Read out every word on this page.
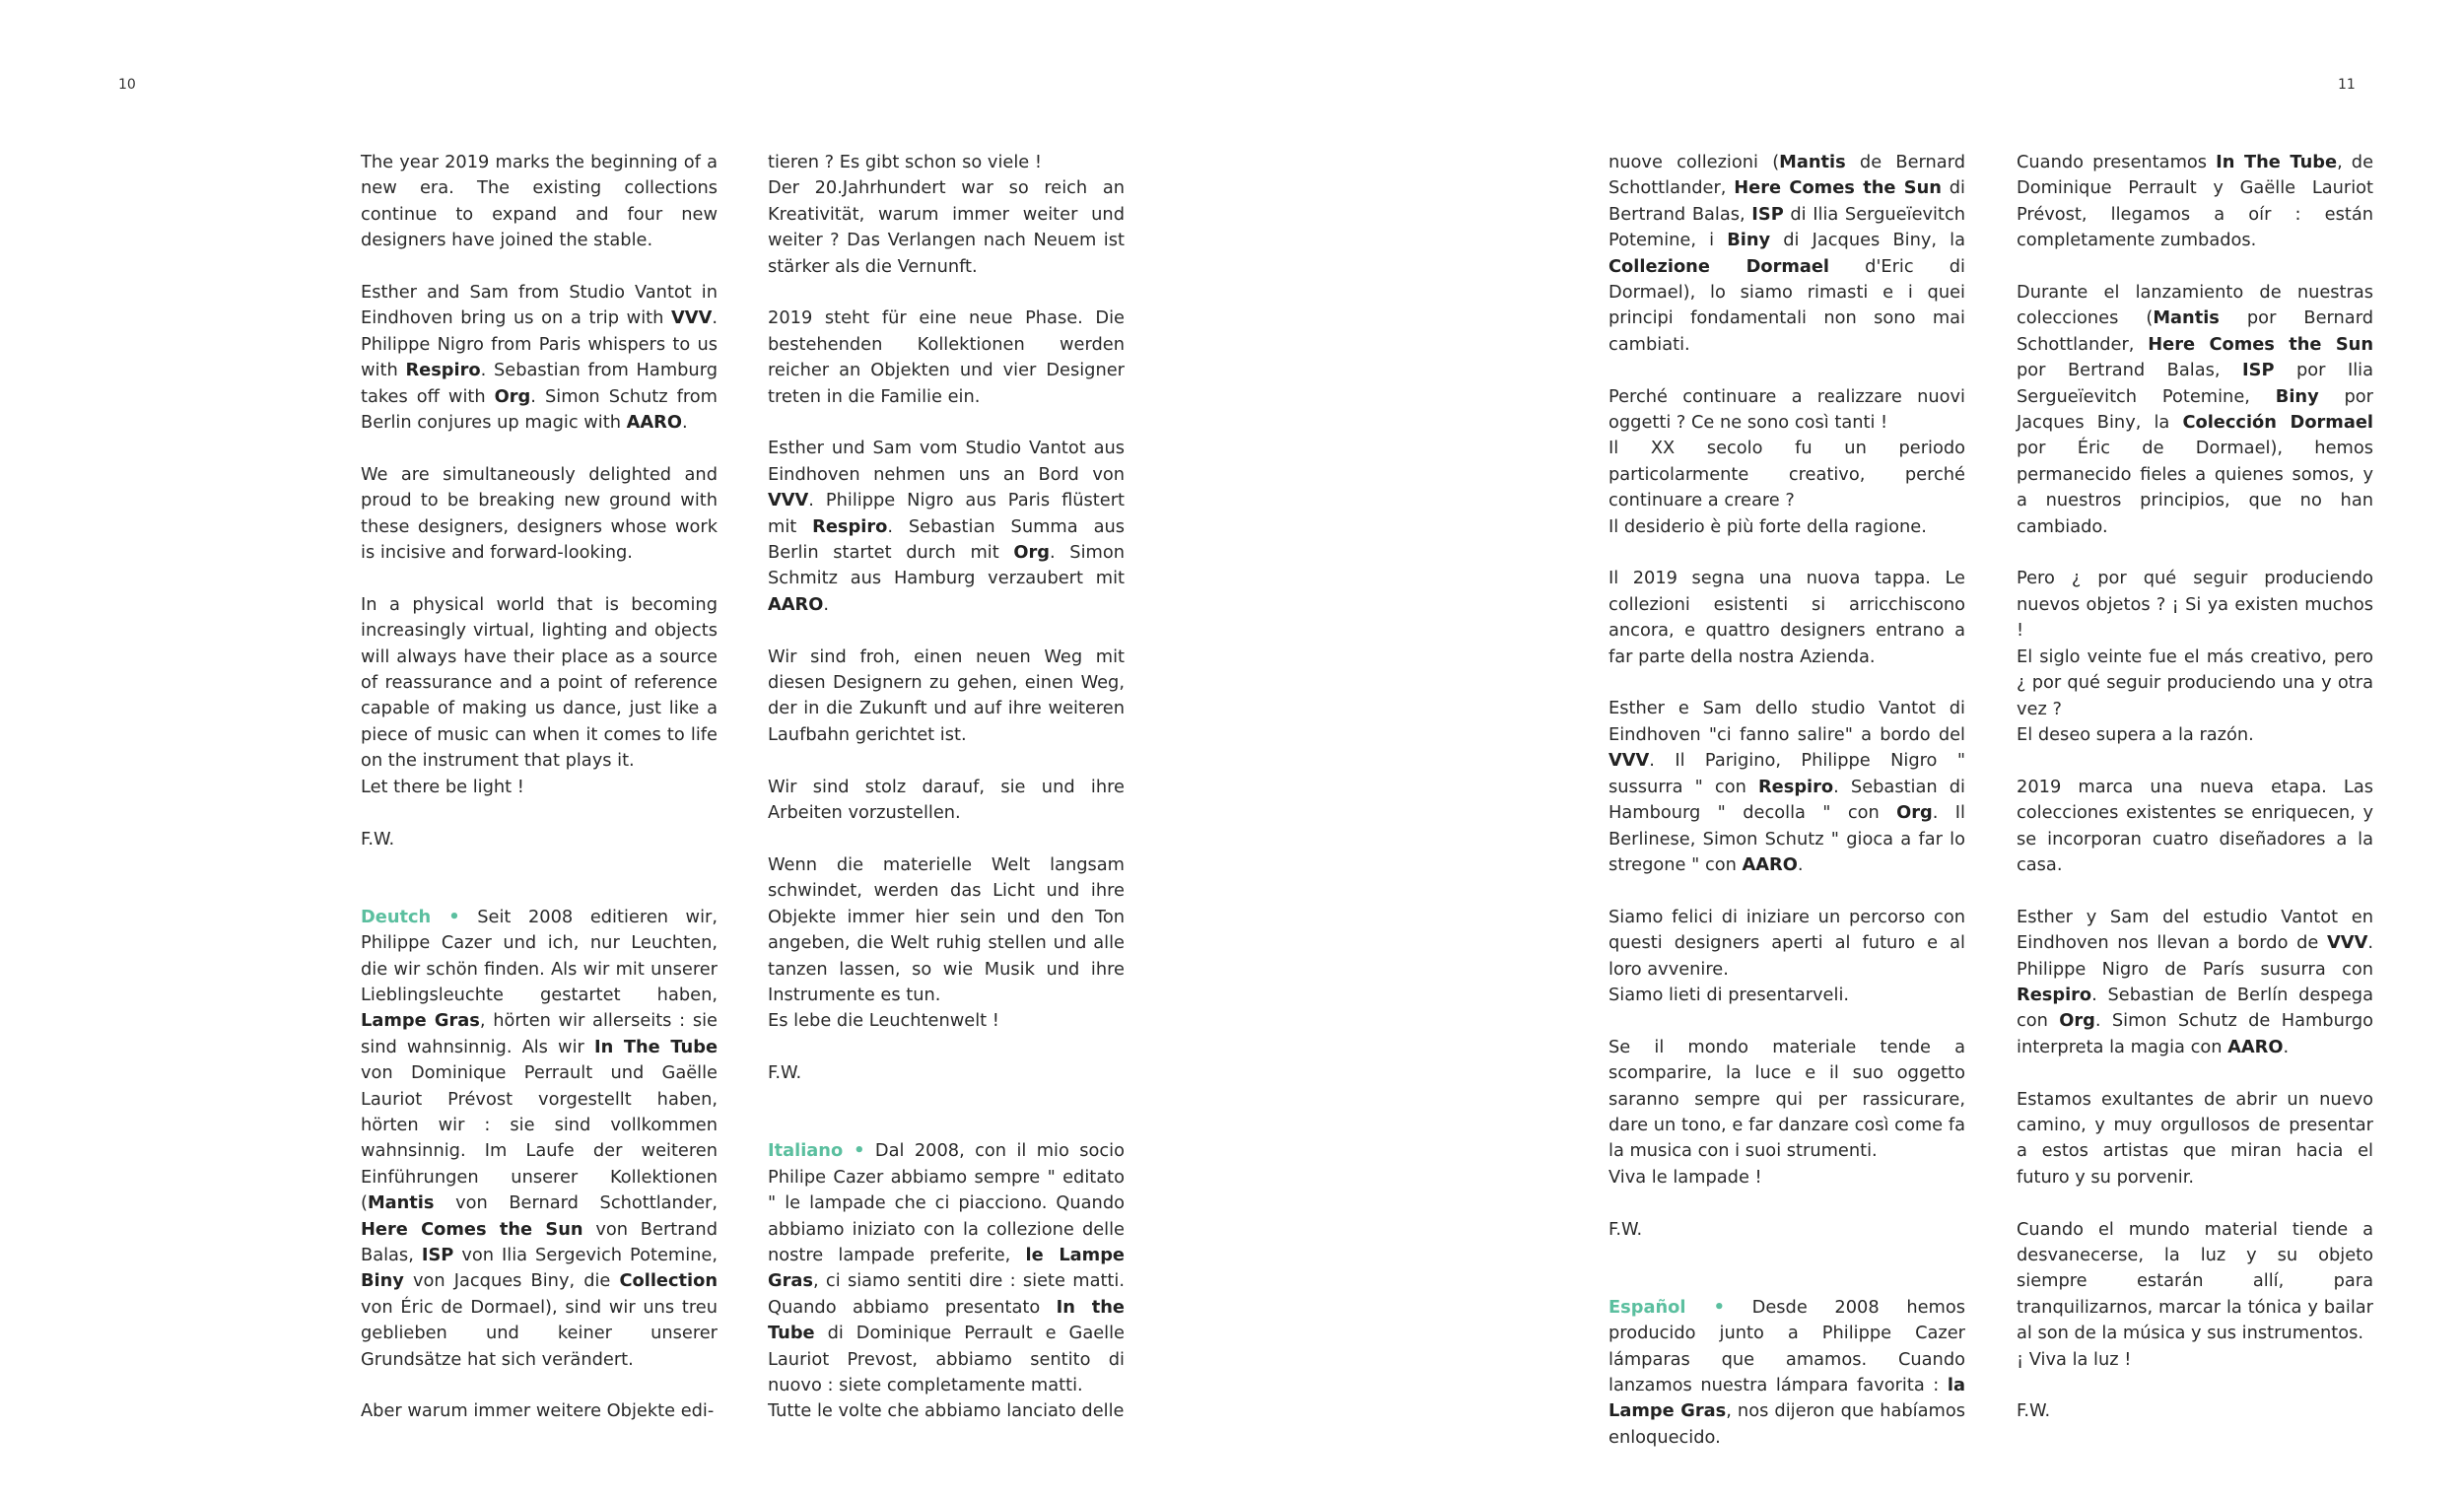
10	11

The year 2019 marks the beginning of a new era. The existing collections continue to expand and four new designers have joined the stable.

Esther and Sam from Studio Vantot in Eindhoven bring us on a trip with VVV. Philippe Nigro from Paris whispers to us with Respiro. Sebastian from Hamburg takes off with Org. Simon Schutz from Berlin conjures up magic with AARO.

We are simultaneously delighted and proud to be breaking new ground with these designers, designers whose work is incisive and forward-looking.

In a physical world that is becoming increasingly virtual, lighting and objects will always have their place as a source of reassurance and a point of reference capable of making us dance, just like a piece of music can when it comes to life on the instrument that plays it.

Let there be light !

F.W.

Deutch • Seit 2008 editieren wir, Philippe Cazer und ich, nur Leuchten, die wir schön finden. Als wir mit unserer Lieblingsleuchte gestartet haben, Lampe Gras, hörten wir allerseits : sie sind wahnsinnig. Als wir In The Tube von Dominique Perrault und Gaëlle Lauriot Prévost vorgestellt haben, hörten wir : sie sind vollkommen wahnsinnig. Im Laufe der weiteren Einführungen unserer Kollektionen (Mantis von Bernard Schottlander, Here Comes the Sun von Bertrand Balas, ISP von Ilia Sergevich Potemine, Biny von Jacques Biny, die Collection von Éric de Dormael), sind wir uns treu geblieben und keiner unserer Grundsätze hat sich verändert.

Aber warum immer weitere Objekte edi-

tieren ? Es gibt schon so viele !

Der 20.Jahrhundert war so reich an Kreativität, warum immer weiter und weiter ? Das Verlangen nach Neuem ist stärker als die Vernunft.

2019 steht für eine neue Phase. Die bestehenden Kollektionen werden reicher an Objekten und vier Designer treten in die Familie ein.

Esther und Sam vom Studio Vantot aus Eindhoven nehmen uns an Bord von VVV. Philippe Nigro aus Paris flüstert mit Respiro. Sebastian Summa aus Berlin startet durch mit Org. Simon Schmitz aus Hamburg verzaubert mit AARO.

Wir sind froh, einen neuen Weg mit diesen Designern zu gehen, einen Weg, der in die Zukunft und auf ihre weiteren Laufbahn gerichtet ist.

Wir sind stolz darauf, sie und ihre Arbeiten vorzustellen.

Wenn die materielle Welt langsam schwindet, werden das Licht und ihre Objekte immer hier sein und den Ton angeben, die Welt ruhig stellen und alle tanzen lassen, so wie Musik und ihre Instrumente es tun.

Es lebe die Leuchtenwelt !

F.W.

Italiano • Dal 2008, con il mio socio Philipe Cazer abbiamo sempre " editato " le lampade che ci piacciono. Quando abbiamo iniziato con la collezione delle nostre lampade preferite, le Lampe Gras, ci siamo sentiti dire : siete matti. Quando abbiamo presentato In the Tube di Dominique Perrault e Gaelle Lauriot Prevost, abbiamo sentito di nuovo : siete completamente matti.

Tutte le volte che abbiamo lanciato delle

nuove collezioni (Mantis de Bernard Schottlander, Here Comes the Sun di Bertrand Balas, ISP di Ilia Sergueïevitch Potemine, i Biny di Jacques Biny, la Collezione Dormael d'Eric di Dormael), lo siamo rimasti e i quei principi fondamentali non sono mai cambiati.

Perché continuare a realizzare nuovi oggetti ? Ce ne sono così tanti !

Il XX secolo fu un periodo particolarmente creativo, perché continuare a creare ?

Il desiderio è più forte della ragione.

Il 2019 segna una nuova tappa. Le collezioni esistenti si arricchiscono ancora, e quattro designers entrano a far parte della nostra Azienda.

Esther e Sam dello studio Vantot di Eindhoven "ci fanno salire" a bordo del VVV. Il Parigino, Philippe Nigro " sussurra " con Respiro. Sebastian di Hambourg " decolla " con Org. Il Berlinese, Simon Schutz " gioca a far lo stregone " con AARO.

Siamo felici di iniziare un percorso con questi designers aperti al futuro e al loro avvenire.

Siamo lieti di presentarveli.

Se il mondo materiale tende a scomparire, la luce e il suo oggetto saranno sempre qui per rassicurare, dare un tono, e far danzare così come fa la musica con i suoi strumenti.

Viva le lampade !

F.W.

Español • Desde 2008 hemos producido junto a Philippe Cazer lámparas que amamos. Cuando lanzamos nuestra lámpara favorita : la Lampe Gras, nos dijeron que habíamos enloquecido.

Cuando presentamos In The Tube, de Dominique Perrault y Gaëlle Lauriot Prévost, llegamos a oír : están completamente zumbados.

Durante el lanzamiento de nuestras colecciones (Mantis por Bernard Schottlander, Here Comes the Sun por Bertrand Balas, ISP por Ilia Sergueïevitch Potemine, Biny por Jacques Biny, la Colección Dormael por Éric de Dormael), hemos permanecido fieles a quienes somos, y a nuestros principios, que no han cambiado.

Pero ¿ por qué seguir produciendo nuevos objetos ? ¡ Si ya existen muchos !

El siglo veinte fue el más creativo, pero ¿ por qué seguir produciendo una y otra vez ?

El deseo supera a la razón.

2019 marca una nueva etapa. Las colecciones existentes se enriquecen, y se incorporan cuatro diseñadores a la casa.

Esther y Sam del estudio Vantot en Eindhoven nos llevan a bordo de VVV. Philippe Nigro de París susurra con Respiro. Sebastian de Berlín despega con Org. Simon Schutz de Hamburgo interpreta la magia con AARO.

Estamos exultantes de abrir un nuevo camino, y muy orgullosos de presentar a estos artistas que miran hacia el futuro y su porvenir.

Cuando el mundo material tiende a desvanecerse, la luz y su objeto siempre estarán allí, para tranquilizarnos, marcar la tónica y bailar al son de la música y sus instrumentos.

¡ Viva la luz !

F.W.
